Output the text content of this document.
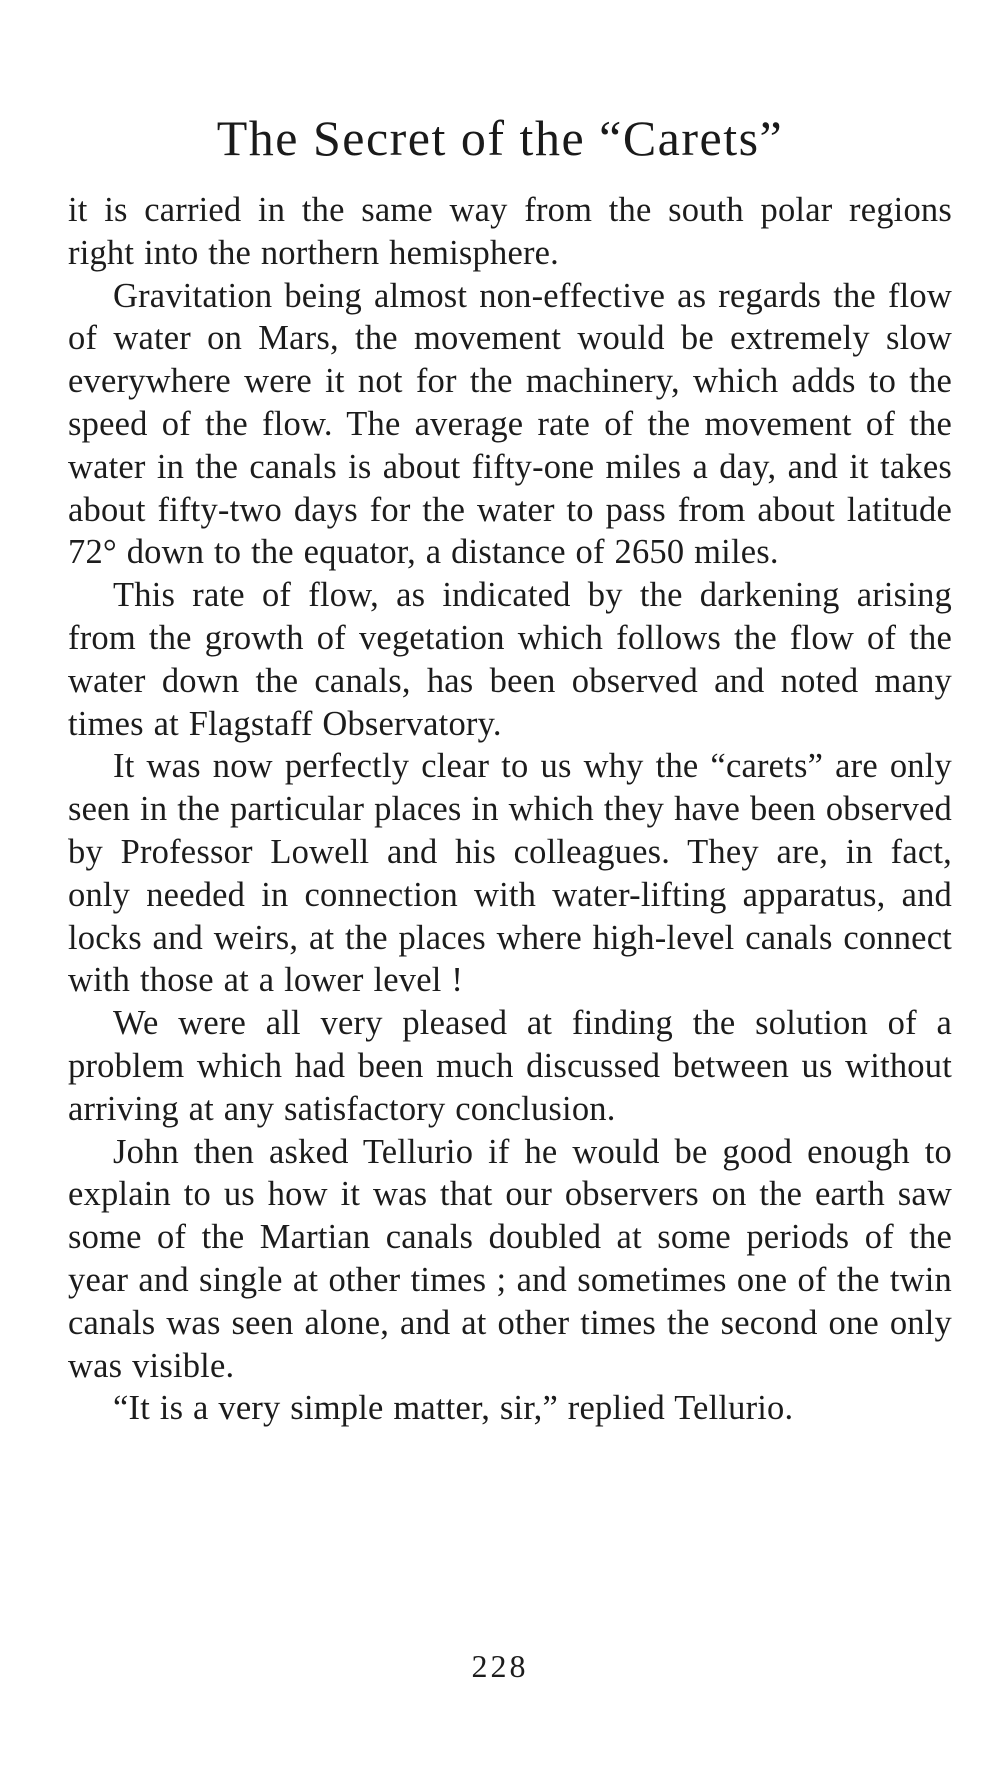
The Secret of the “Carets”

it is carried in the same way from the south polar regions right into the northern hemisphere.

Gravitation being almost non-effective as regards the flow of water on Mars, the movement would be extremely slow everywhere were it not for the machinery, which adds to the speed of the flow. The average rate of the movement of the water in the canals is about fifty-one miles a day, and it takes about fifty-two days for the water to pass from about latitude 72° down to the equator, a distance of 2650 miles.

This rate of flow, as indicated by the darkening arising from the growth of vegetation which follows the flow of the water down the canals, has been observed and noted many times at Flagstaff Observatory.

It was now perfectly clear to us why the “carets” are only seen in the particular places in which they have been observed by Professor Lowell and his colleagues. They are, in fact, only needed in connection with water-lifting apparatus, and locks and weirs, at the places where high-level canals connect with those at a lower level !

We were all very pleased at finding the solution of a problem which had been much discussed between us without arriving at any satisfactory conclusion.

John then asked Tellurio if he would be good enough to explain to us how it was that our observers on the earth saw some of the Martian canals doubled at some periods of the year and single at other times ; and sometimes one of the twin canals was seen alone, and at other times the second one only was visible.

“It is a very simple matter, sir,” replied Tellurio.

228
